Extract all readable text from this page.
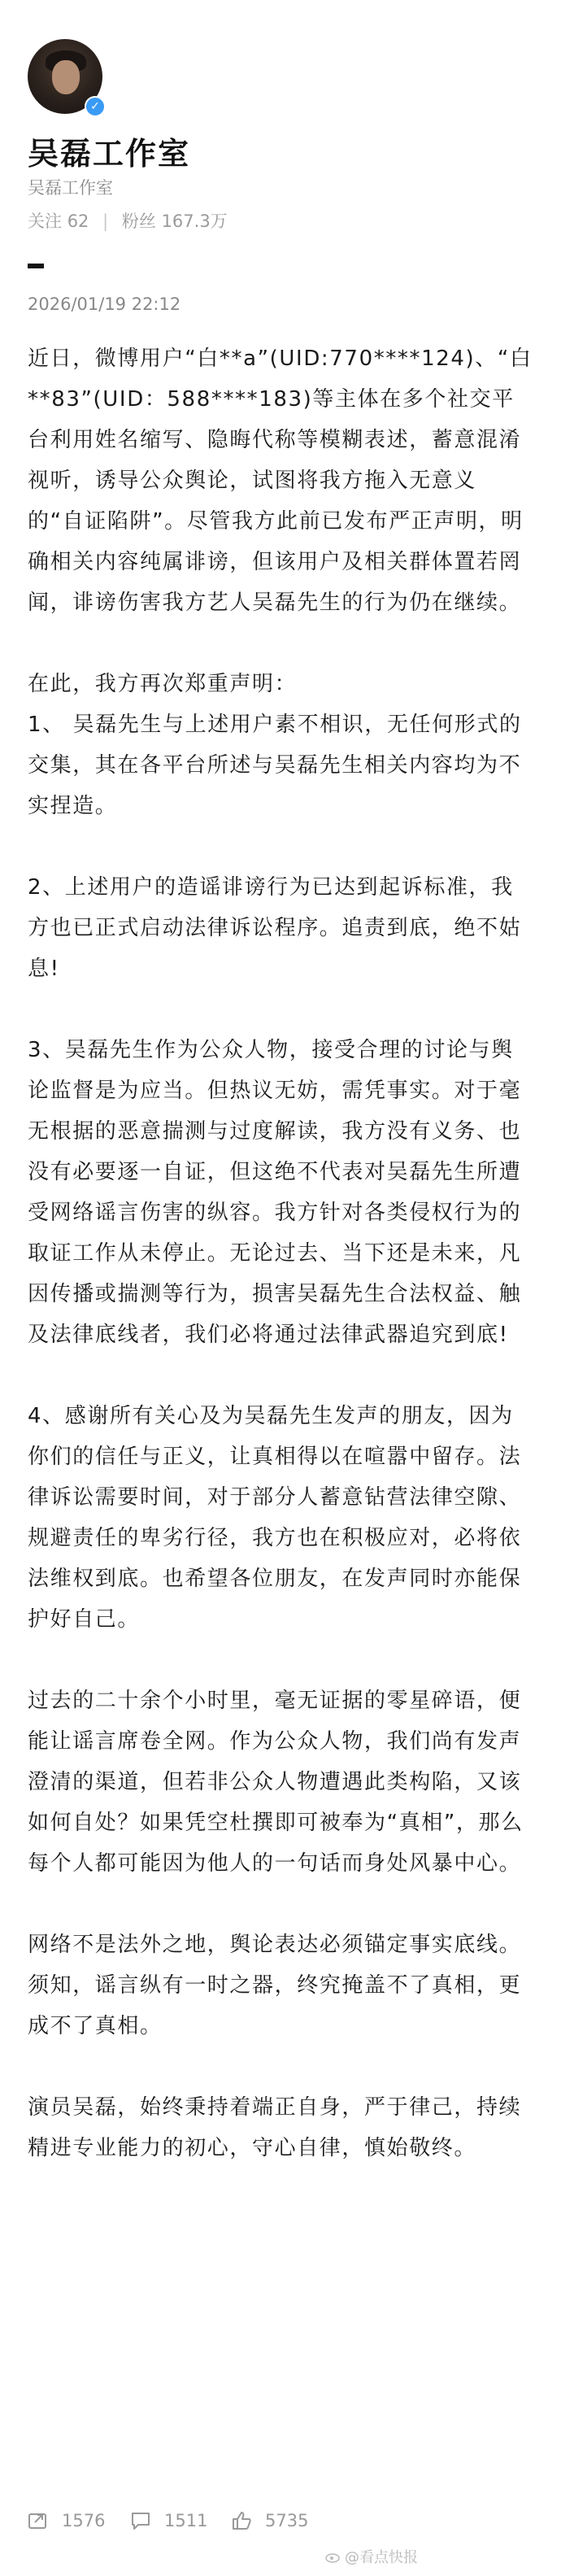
✓
吴磊工作室
吴磊工作室
关注 62 | 粉丝 167.3万
2026/01/19 22:12

近日，微博用户“白**a”(UID:770****124)、“白**83”(UID：588****183)等主体在多个社交平台利用姓名缩写、隐晦代称等模糊表述，蓄意混淆视听，诱导公众舆论，试图将我方拖入无意义的“自证陷阱”。尽管我方此前已发布严正声明，明确相关内容纯属诽谤，但该用户及相关群体置若罔闻，诽谤伤害我方艺人吴磊先生的行为仍在继续。

在此，我方再次郑重声明：

1、 吴磊先生与上述用户素不相识，无任何形式的交集，其在各平台所述与吴磊先生相关内容均为不实捏造。

2、上述用户的造谣诽谤行为已达到起诉标准，我方也已正式启动法律诉讼程序。追责到底，绝不姑息!

3、吴磊先生作为公众人物，接受合理的讨论与舆论监督是为应当。但热议无妨，需凭事实。对于毫无根据的恶意揣测与过度解读，我方没有义务、也没有必要逐一自证，但这绝不代表对吴磊先生所遭受网络谣言伤害的纵容。我方针对各类侵权行为的取证工作从未停止。无论过去、当下还是未来，凡因传播或揣测等行为，损害吴磊先生合法权益、触及法律底线者，我们必将通过法律武器追究到底!

4、感谢所有关心及为吴磊先生发声的朋友，因为你们的信任与正义，让真相得以在喧嚣中留存。法律诉讼需要时间，对于部分人蓄意钻营法律空隙、规避责任的卑劣行径，我方也在积极应对，必将依法维权到底。也希望各位朋友，在发声同时亦能保护好自己。

过去的二十余个小时里，毫无证据的零星碎语，便能让谣言席卷全网。作为公众人物，我们尚有发声澄清的渠道，但若非公众人物遭遇此类构陷，又该如何自处？如果凭空杜撰即可被奉为“真相”，那么每个人都可能因为他人的一句话而身处风暴中心。

网络不是法外之地，舆论表达必须锚定事实底线。须知，谣言纵有一时之器，终究掩盖不了真相，更成不了真相。

演员吴磊，始终秉持着端正自身，严于律己，持续精进专业能力的初心，守心自律，慎始敬终。

1576	1511	5735
@看点快报
